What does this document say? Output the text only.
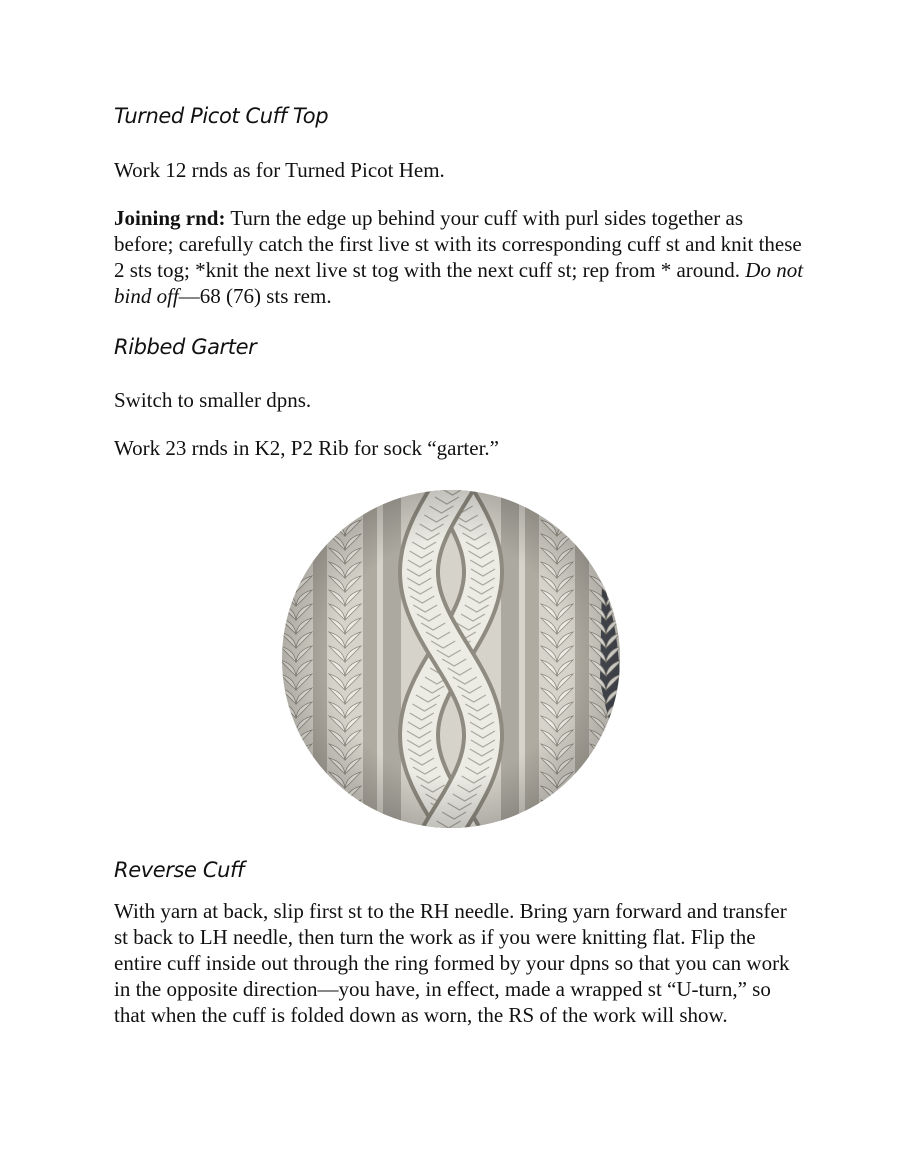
Turned Picot Cuff Top

Work 12 rnds as for Turned Picot Hem.

Joining rnd: Turn the edge up behind your cuff with purl sides together as before; carefully catch the first live st with its corresponding cuff st and knit these 2 sts tog; *knit the next live st tog with the next cuff st; rep from * around. Do not bind off—68 (76) sts rem.

Ribbed Garter

Switch to smaller dpns.

Work 23 rnds in K2, P2 Rib for sock “garter.”

Reverse Cuff

With yarn at back, slip first st to the RH needle. Bring yarn forward and transfer st back to LH needle, then turn the work as if you were knitting flat. Flip the entire cuff inside out through the ring formed by your dpns so that you can work in the opposite direction—you have, in effect, made a wrapped st “U-turn,” so that when the cuff is folded down as worn, the RS of the work will show.
